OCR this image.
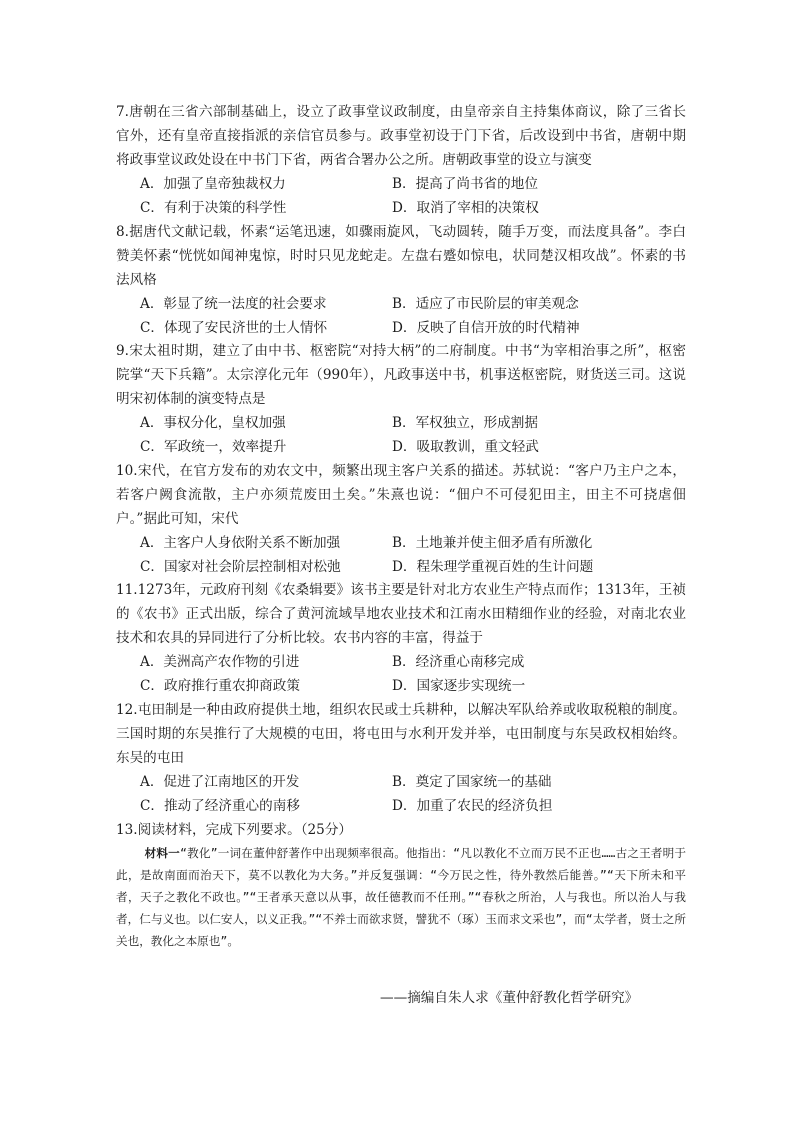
7.唐朝在三省六部制基础上，设立了政事堂议政制度，由皇帝亲自主持集体商议，除了三省长官外，还有皇帝直接指派的亲信官员参与。政事堂初设于门下省，后改设到中书省，唐朝中期将政事堂议政处设在中书门下省，两省合署办公之所。唐朝政事堂的设立与演变

A．加强了皇帝独裁权力	B．提高了尚书省的地位
C．有利于决策的科学性	D．取消了宰相的决策权

8.据唐代文献记载，怀素“运笔迅速，如骤雨旋风，飞动圆转，随手万变，而法度具备”。李白赞美怀素“恍恍如闻神鬼惊，时时只见龙蛇走。左盘右蹙如惊电，状同楚汉相攻战”。怀素的书法风格

A．彰显了统一法度的社会要求	B．适应了市民阶层的审美观念
C．体现了安民济世的士人情怀	D．反映了自信开放的时代精神

9.宋太祖时期，建立了由中书、枢密院“对持大柄”的二府制度。中书“为宰相治事之所”，枢密院掌“天下兵籍”。太宗淳化元年（990年），凡政事送中书，机事送枢密院，财货送三司。这说明宋初体制的演变特点是

A．事权分化，皇权加强	B．军权独立，形成割据
C．军政统一，效率提升	D．吸取教训，重文轻武

10.宋代，在官方发布的劝农文中，频繁出现主客户关系的描述。苏轼说：“客户乃主户之本，若客户阙食流散，主户亦须荒废田土矣。”朱熹也说：“佃户不可侵犯田主，田主不可挠虐佃户。”据此可知，宋代

A．主客户人身依附关系不断加强	B．土地兼并使主佃矛盾有所激化
C．国家对社会阶层控制相对松弛	D．程朱理学重视百姓的生计问题

11.1273年，元政府刊刻《农桑辑要》该书主要是针对北方农业生产特点而作；1313年，王祯的《农书》正式出版，综合了黄河流域旱地农业技术和江南水田精细作业的经验，对南北农业技术和农具的异同进行了分析比较。农书内容的丰富，得益于

A．美洲高产农作物的引进	B．经济重心南移完成
C．政府推行重农抑商政策	D．国家逐步实现统一

12.屯田制是一种由政府提供土地，组织农民或士兵耕种，以解决军队给养或收取税粮的制度。三国时期的东吴推行了大规模的屯田，将屯田与水利开发并举，屯田制度与东吴政权相始终。东吴的屯田

A．促进了江南地区的开发	B．奠定了国家统一的基础
C．推动了经济重心的南移	D．加重了农民的经济负担

13.阅读材料，完成下列要求。（25分）

材料一“教化”一词在董仲舒著作中出现频率很高。他指出：“凡以教化不立而万民不正也……古之王者明于此，是故南面而治天下，莫不以教化为大务。”并反复强调：“今万民之性，待外教然后能善。”“天下所未和平者，天子之教化不政也。”“王者承天意以从事，故任德教而不任刑。”“春秋之所治，人与我也。所以治人与我者，仁与义也。以仁安人，以义正我。”“不养士而欲求贤，譬犹不（琢）玉而求文采也”，而“太学者，贤士之所关也，教化之本原也”。
——摘编自朱人求《董仲舒教化哲学研究》
